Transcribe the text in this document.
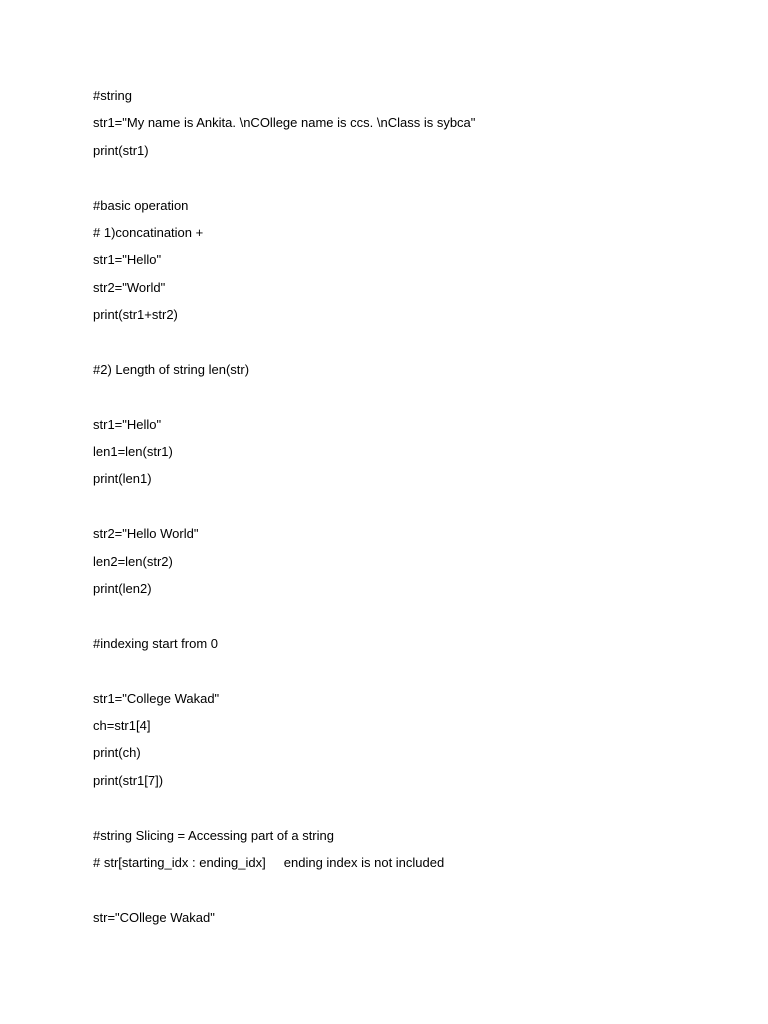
#string
str1="My name is Ankita. \nCOllege name is ccs. \nClass is sybca"
print(str1)
#basic operation
# 1)concatination +
str1="Hello"
str2="World"
print(str1+str2)
#2) Length of string len(str)
str1="Hello"
len1=len(str1)
print(len1)
str2="Hello World"
len2=len(str2)
print(len2)
#indexing start from 0
str1="College Wakad"
ch=str1[4]
print(ch)
print(str1[7])
#string Slicing = Accessing part of a string
# str[starting_idx : ending_idx]     ending index is not included
str="COllege Wakad"
